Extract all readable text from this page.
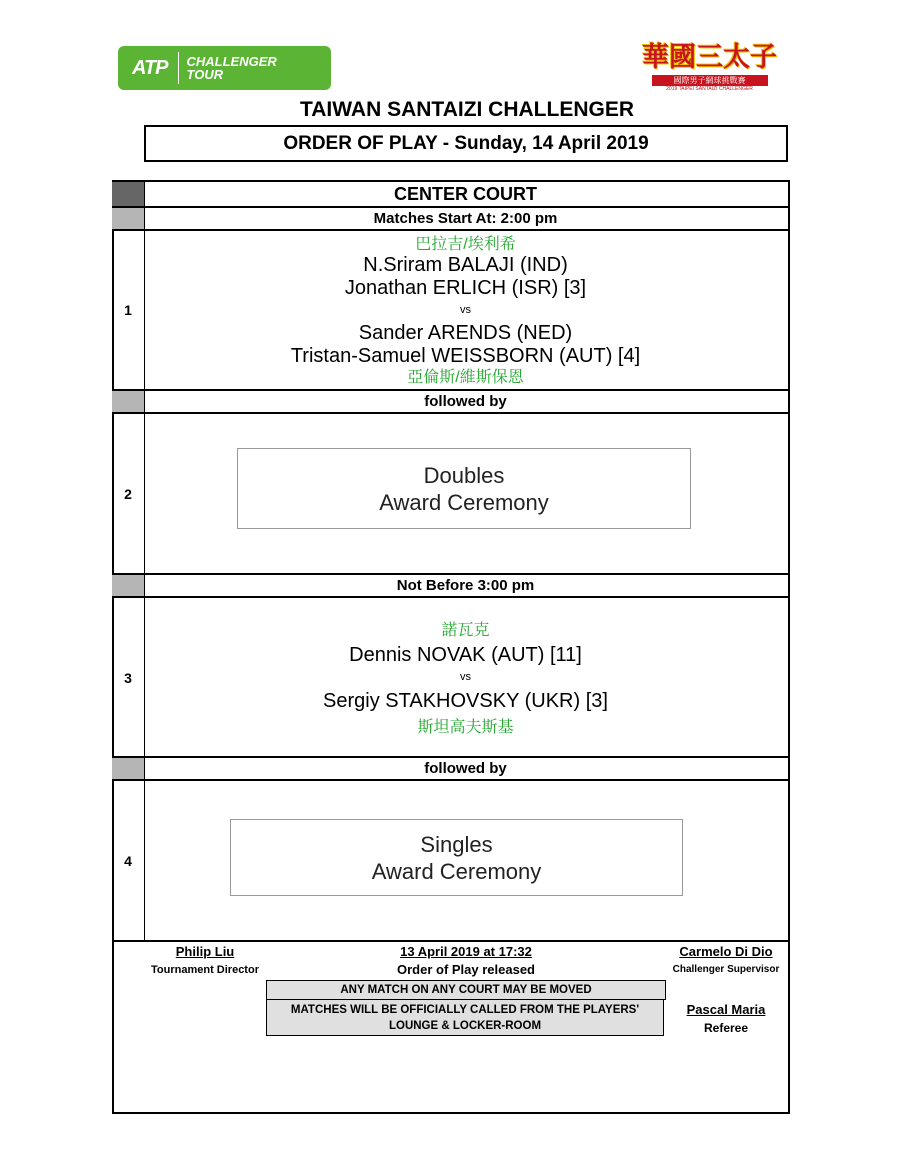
ATP CHALLENGER
TOUR
華國三太子
國際男子網球挑戰賽
2019 TAIPEI SANTAIZI CHALLENGER
TAIWAN SANTAIZI CHALLENGER
ORDER OF PLAY - Sunday, 14 April 2019
CENTER COURT
Matches Start At: 2:00 pm
followed by
Not Before 3:00 pm
followed by
1
2
3
4
巴拉吉/埃利希
N.Sriram BALAJI (IND)
Jonathan ERLICH (ISR) [3]
vs
Sander ARENDS (NED)
Tristan-Samuel WEISSBORN (AUT) [4]
亞倫斯/維斯保恩
Doubles
Award Ceremony
諾瓦克
Dennis NOVAK (AUT) [11]
vs
Sergiy STAKHOVSKY (UKR) [3]
斯坦高夫斯基
Singles
Award Ceremony
Philip Liu
Tournament Director
13 April 2019 at 17:32
Order of Play released
Carmelo Di Dio
Challenger Supervisor
ANY MATCH ON ANY COURT MAY BE MOVED
MATCHES WILL BE OFFICIALLY CALLED FROM THE PLAYERS'
LOUNGE & LOCKER-ROOM
Pascal Maria
Referee
